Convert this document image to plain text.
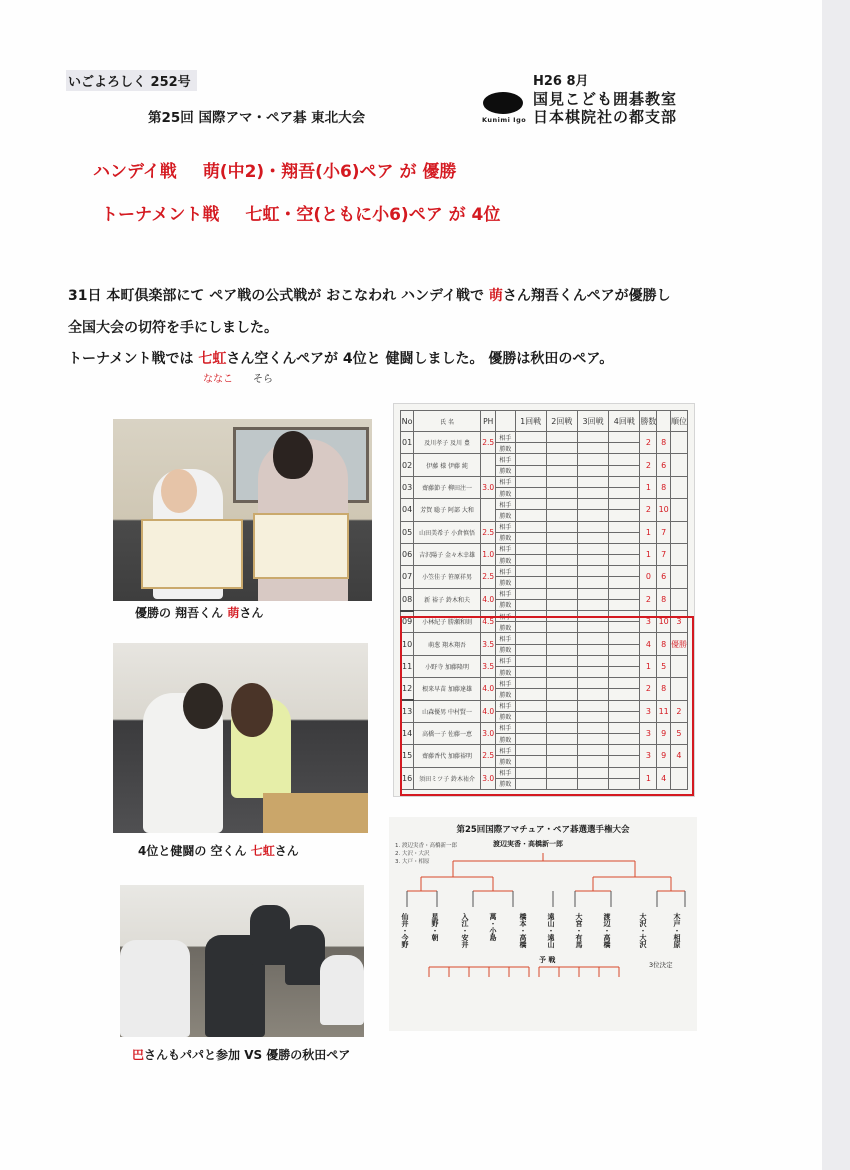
いごよろしく 252号
第25回 国際アマ・ペア碁 東北大会
H26 8月
Kunimi Igo
国見こども囲碁教室
日本棋院社の都支部
ハンデイ戦 萌(中2)・翔吾(小6)ペア が 優勝
トーナメント戦 七虹・空(ともに小6)ペア が 4位
31日 本町倶楽部にて ペア戦の公式戦が おこなわれ ハンデイ戦で 萌さん翔吾くんペアが優勝し
全国大会の切符を手にしました。
トーナメント戦では 七虹さん空くんペアが 4位と 健闘しました。 優勝は秋田のペア。
ななこ そら
優勝の 翔吾くん 萌さん
4位と健闘の 空くん 七虹さん
巴さんもパパと参加 VS 優勝の秋田ペア
No	氏 名	PH		1回戦	2回戦	3回戦	4回戦	勝数		順位
01	及川孝子 及川 豊	2.5	相手					2	8	
			勝敗							
02	伊藤 様 伊藤 純		相手					2	6	
			勝敗							
03	齋藤節子 柳田注一	3.0	相手					1	8	
			勝敗							
04	芳賀 聡子 阿部 大和		相手					2	10	
			勝敗							
05	山田美希子 小倉慎悟	2.5	相手					1	7	
			勝敗							
06	吉沢陽子 金々木幸雄	1.0	相手					1	7	
			勝敗							
07	小笠佳子 笹原祥男	2.5	相手					0	6	
			勝敗							
08	新 裕子 鈴木和夫	4.0	相手					2	8	
			勝敗							
09	小林紀子 勝瀬和則	4.5	相手					3	10	3
			勝敗							
10	萌葱 翔木翔吾	3.5	相手					4	8	優勝
			勝敗							
11	小野寺 加藤隆明	3.5	相手					1	5	
			勝敗							
12	根来早苗 加藤達雄	4.0	相手					2	8	
			勝敗							
13	山森優男 中村賢一	4.0	相手					3	11	2
			勝敗							
14	高橋一子 佐藤一恵	3.0	相手					3	9	5
			勝敗							
15	齋藤香代 加藤裕明	2.5	相手					3	9	4
			勝敗							
16	須田ミツ子 鈴木祐介	3.0	相手					1	4	
			勝敗							
第25回国際アマチュア・ペア碁選選手権大会
渡辺実香・高橋新一郎
1. 渡辺実香・高橋新一郎
2. 大沢・大沢
3. 大戸・相原
仙井・今野	星野・朝	入江・安井	萬・小島	橋本・高橋	遠山・遠山	大宮・有馬	渡辺・高橋	大沢・大沢	木戸・相原
予 戦
3位決定
